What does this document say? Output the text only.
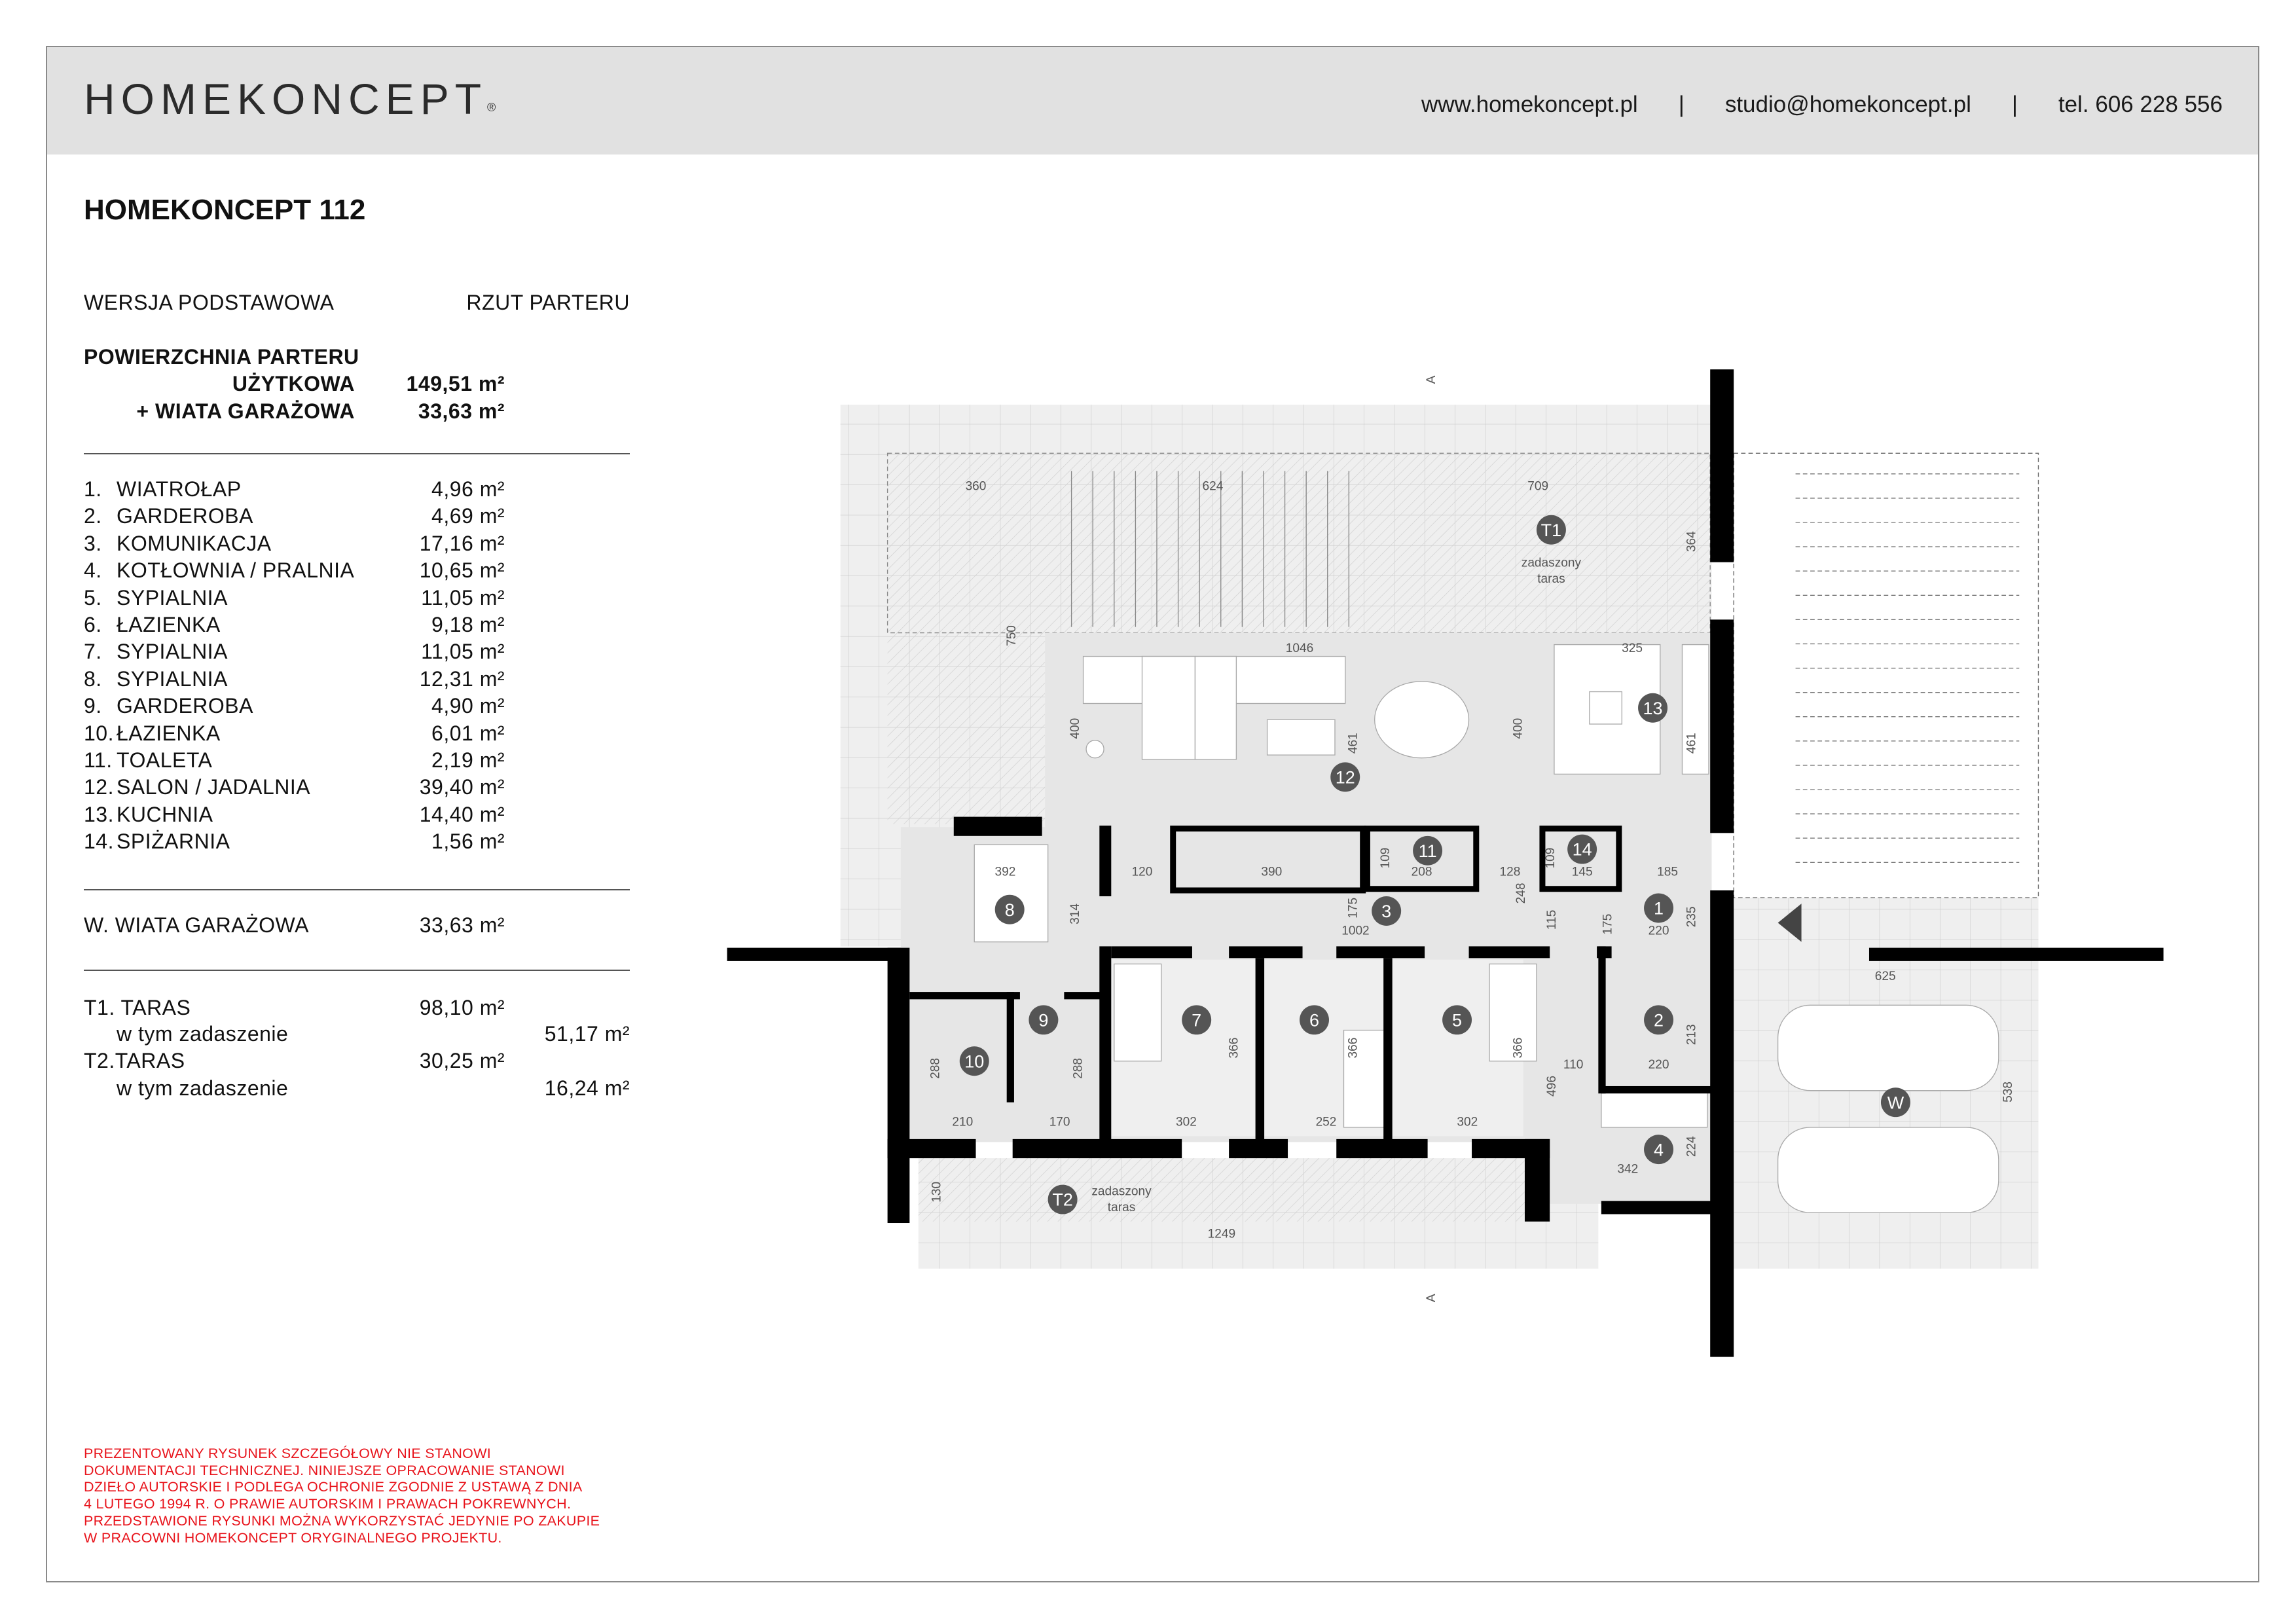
HOMEKONCEPT®	www.homekoncept.pl | studio@homekoncept.pl | tel. 606 228 556
HOMEKONCEPT 112
WERSJA PODSTAWOWA	RZUT PARTERU
POWIERZCHNIA PARTERU
UŻYTKOWA 149,51 m²
+ WIATA GARAŻOWA	33,63 m²
1. WIATROŁAP	4,96 m²
2. GARDEROBA	4,69 m²
3. KOMUNIKACJA	17,16 m²
4. KOTŁOWNIA / PRALNIA	10,65 m²
5. SYPIALNIA	11,05 m²
6. ŁAZIENKA	9,18 m²
7. SYPIALNIA	11,05 m²
8. SYPIALNIA	12,31 m²
9. GARDEROBA	4,90 m²
10. ŁAZIENKA	6,01 m²
11. TOALETA	2,19 m²
12. SALON / JADALNIA	39,40 m²
13. KUCHNIA	14,40 m²
14. SPIŻARNIA	1,56 m²
W. WIATA GARAŻOWA	33,63 m²
T1. TARAS	98,10 m²
w tym zadaszenie	51,17 m²
T2.TARAS	30,25 m²
w tym zadaszenie	16,24 m²
PREZENTOWANY RYSUNEK SZCZEGÓŁOWY NIE STANOWI
DOKUMENTACJI TECHNICZNEJ. NINIEJSZE OPRACOWANIE STANOWI
DZIEŁO AUTORSKIE I PODLEGA OCHRONIE ZGODNIE Z USTAWĄ Z DNIA
4 LUTEGO 1994 R. O PRAWIE AUTORSKIM I PRAWACH POKREWNYCH.
PRZEDSTAWIONE RYSUNKI MOŻNA WYKORZYSTAĆ JEDYNIE PO ZAKUPIE
W PRACOWNI HOMEKONCEPT ORYGINALNEGO PROJEKTU.
A
A
360	624	709
364
750
1046	325
400
461
400
461
392	120	390
109
208	128
248
109
145	185
314	175
1002
115	175	220
235
625
213
220
110
496	538
288	288
366	366	366
224
210	170	302	252	302
342
130
1249
zadaszony
taras
zadaszony
taras
1
2
3
4
5
6
7
8
9
10
11
12
13
14
T1
T2
W
